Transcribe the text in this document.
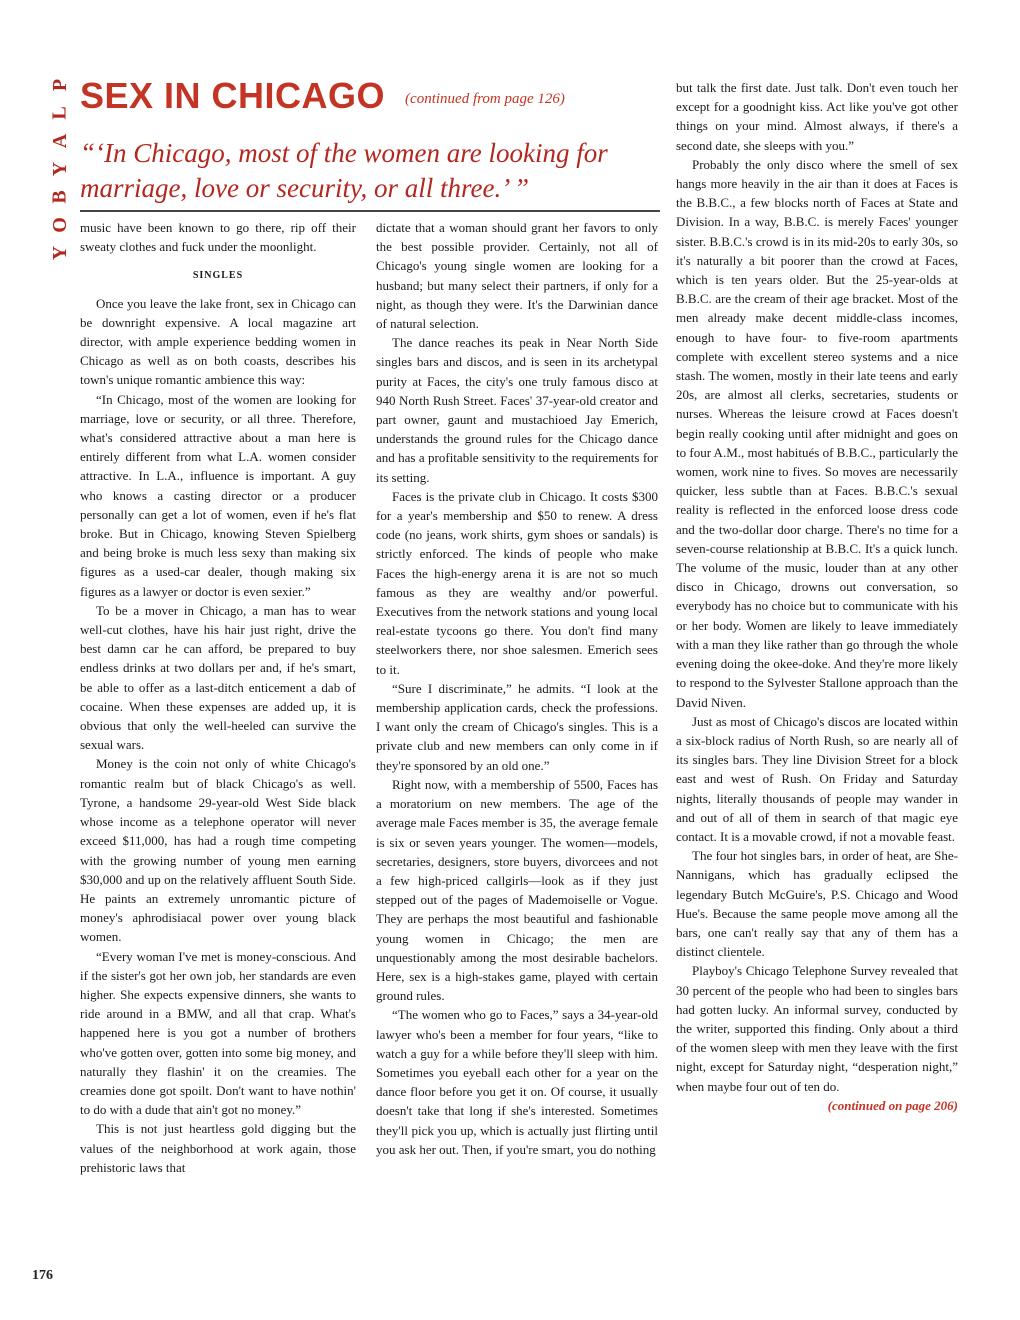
P
L
A
Y
B
O
Y
SEX IN CHICAGO (continued from page 126)
“‘In Chicago, most of the women are looking for marriage, love or security, or all three.’ ”

music have been known to go there, rip off their sweaty clothes and fuck under the moonlight.

SINGLES

Once you leave the lake front, sex in Chicago can be downright expensive. A local magazine art director, with ample experience bedding women in Chicago as well as on both coasts, describes his town's unique romantic ambience this way:

“In Chicago, most of the women are looking for marriage, love or security, or all three. Therefore, what's considered attractive about a man here is entirely different from what L.A. women consider attractive. In L.A., influence is important. A guy who knows a casting director or a producer personally can get a lot of women, even if he's flat broke. But in Chicago, knowing Steven Spielberg and being broke is much less sexy than making six figures as a used-car dealer, though making six figures as a lawyer or doctor is even sexier.”

To be a mover in Chicago, a man has to wear well-cut clothes, have his hair just right, drive the best damn car he can afford, be prepared to buy endless drinks at two dollars per and, if he's smart, be able to offer as a last-ditch enticement a dab of cocaine. When these expenses are added up, it is obvious that only the well-heeled can survive the sexual wars.

Money is the coin not only of white Chicago's romantic realm but of black Chicago's as well. Tyrone, a handsome 29-year-old West Side black whose income as a telephone operator will never exceed $11,000, has had a rough time competing with the growing number of young men earning $30,000 and up on the relatively affluent South Side. He paints an extremely unromantic picture of money's aphrodisiacal power over young black women.

“Every woman I've met is money-conscious. And if the sister's got her own job, her standards are even higher. She expects expensive dinners, she wants to ride around in a BMW, and all that crap. What's happened here is you got a number of brothers who've gotten over, gotten into some big money, and naturally they flashin' it on the creamies. The creamies done got spoilt. Don't want to have nothin' to do with a dude that ain't got no money.”

This is not just heartless gold digging but the values of the neighborhood at work again, those prehistoric laws that

dictate that a woman should grant her favors to only the best possible provider. Certainly, not all of Chicago's young single women are looking for a husband; but many select their partners, if only for a night, as though they were. It's the Darwinian dance of natural selection.

The dance reaches its peak in Near North Side singles bars and discos, and is seen in its archetypal purity at Faces, the city's one truly famous disco at 940 North Rush Street. Faces' 37-year-old creator and part owner, gaunt and mustachioed Jay Emerich, understands the ground rules for the Chicago dance and has a profitable sensitivity to the requirements for its setting.

Faces is the private club in Chicago. It costs $300 for a year's membership and $50 to renew. A dress code (no jeans, work shirts, gym shoes or sandals) is strictly enforced. The kinds of people who make Faces the high-energy arena it is are not so much famous as they are wealthy and/or powerful. Executives from the network stations and young local real-estate tycoons go there. You don't find many steelworkers there, nor shoe salesmen. Emerich sees to it.

“Sure I discriminate,” he admits. “I look at the membership application cards, check the professions. I want only the cream of Chicago's singles. This is a private club and new members can only come in if they're sponsored by an old one.”

Right now, with a membership of 5500, Faces has a moratorium on new members. The age of the average male Faces member is 35, the average female is six or seven years younger. The women—models, secretaries, designers, store buyers, divorcees and not a few high-priced callgirls—look as if they just stepped out of the pages of Mademoiselle or Vogue. They are perhaps the most beautiful and fashionable young women in Chicago; the men are unquestionably among the most desirable bachelors. Here, sex is a high-stakes game, played with certain ground rules.

“The women who go to Faces,” says a 34-year-old lawyer who's been a member for four years, “like to watch a guy for a while before they'll sleep with him. Sometimes you eyeball each other for a year on the dance floor before you get it on. Of course, it usually doesn't take that long if she's interested. Sometimes they'll pick you up, which is actually just flirting until you ask her out. Then, if you're smart, you do nothing

but talk the first date. Just talk. Don't even touch her except for a goodnight kiss. Act like you've got other things on your mind. Almost always, if there's a second date, she sleeps with you.”

Probably the only disco where the smell of sex hangs more heavily in the air than it does at Faces is the B.B.C., a few blocks north of Faces at State and Division. In a way, B.B.C. is merely Faces' younger sister. B.B.C.'s crowd is in its mid-20s to early 30s, so it's naturally a bit poorer than the crowd at Faces, which is ten years older. But the 25-year-olds at B.B.C. are the cream of their age bracket. Most of the men already make decent middle-class incomes, enough to have four- to five-room apartments complete with excellent stereo systems and a nice stash. The women, mostly in their late teens and early 20s, are almost all clerks, secretaries, students or nurses. Whereas the leisure crowd at Faces doesn't begin really cooking until after midnight and goes on to four A.M., most habitués of B.B.C., particularly the women, work nine to fives. So moves are necessarily quicker, less subtle than at Faces. B.B.C.'s sexual reality is reflected in the enforced loose dress code and the two-dollar door charge. There's no time for a seven-course relationship at B.B.C. It's a quick lunch. The volume of the music, louder than at any other disco in Chicago, drowns out conversation, so everybody has no choice but to communicate with his or her body. Women are likely to leave immediately with a man they like rather than go through the whole evening doing the okee-doke. And they're more likely to respond to the Sylvester Stallone approach than the David Niven.

Just as most of Chicago's discos are located within a six-block radius of North Rush, so are nearly all of its singles bars. They line Division Street for a block east and west of Rush. On Friday and Saturday nights, literally thousands of people may wander in and out of all of them in search of that magic eye contact. It is a movable crowd, if not a movable feast.

The four hot singles bars, in order of heat, are She-Nannigans, which has gradually eclipsed the legendary Butch McGuire's, P.S. Chicago and Wood Hue's. Because the same people move among all the bars, one can't really say that any of them has a distinct clientele.

Playboy's Chicago Telephone Survey revealed that 30 percent of the people who had been to singles bars had gotten lucky. An informal survey, conducted by the writer, supported this finding. Only about a third of the women sleep with men they leave with the first night, except for Saturday night, “desperation night,” when maybe four out of ten do.

(continued on page 206)
176
